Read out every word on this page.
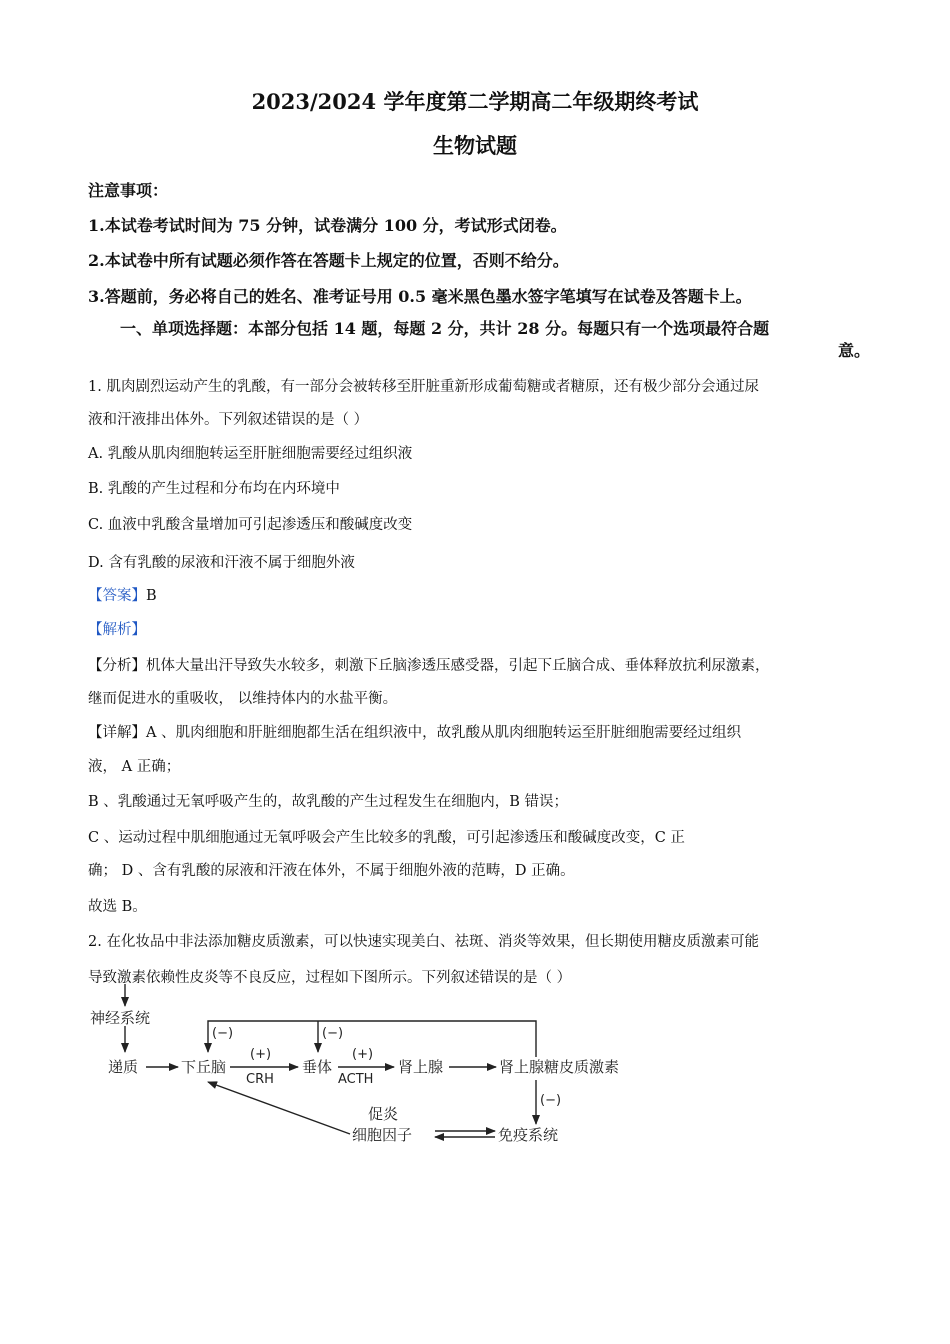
2023/2024 学年度第二学期高二年级期终考试
生物试题
注意事项：
1.本试卷考试时间为 75 分钟，试卷满分 100 分，考试形式闭卷。
2.本试卷中所有试题必须作答在答题卡上规定的位置，否则不给分。
3.答题前，务必将自己的姓名、准考证号用 0.5 毫米黑色墨水签字笔填写在试卷及答题卡上。
一、单项选择题：本部分包括 14 题，每题 2 分，共计 28 分。每题只有一个选项最符合题
意。
1. 肌肉剧烈运动产生的乳酸，有一部分会被转移至肝脏重新形成葡萄糖或者糖原，还有极少部分会通过尿
液和汗液排出体外。下列叙述错误的是（ ）
A. 乳酸从肌肉细胞转运至肝脏细胞需要经过组织液
B. 乳酸的产生过程和分布均在内环境中
C. 血液中乳酸含量增加可引起渗透压和酸碱度改变
D. 含有乳酸的尿液和汗液不属于细胞外液
【答案】B
【解析】
【分析】机体大量出汗导致失水较多，刺激下丘脑渗透压感受器，引起下丘脑合成、垂体释放抗利尿激素，
继而促进水的重吸收， 以维持体内的水盐平衡。
【详解】A 、肌肉细胞和肝脏细胞都生活在组织液中，故乳酸从肌肉细胞转运至肝脏细胞需要经过组织
液， A 正确；
B 、乳酸通过无氧呼吸产生的，故乳酸的产生过程发生在细胞内，B 错误；
C 、运动过程中肌细胞通过无氧呼吸会产生比较多的乳酸，可引起渗透压和酸碱度改变，C 正
确； D 、含有乳酸的尿液和汗液在体外，不属于细胞外液的范畴，D 正确。
故选 B。
2. 在化妆品中非法添加糖皮质激素，可以快速实现美白、祛斑、消炎等效果，但长期使用糖皮质激素可能
导致激素依赖性皮炎等不良反应，过程如下图所示。下列叙述错误的是（ ）
神经系统
递质	下丘脑	垂体	肾上腺	肾上腺糖皮质激素
(+)
CRH
(+)
ACTH
(−)	(−)
(−)
促炎
细胞因子	免疫系统
